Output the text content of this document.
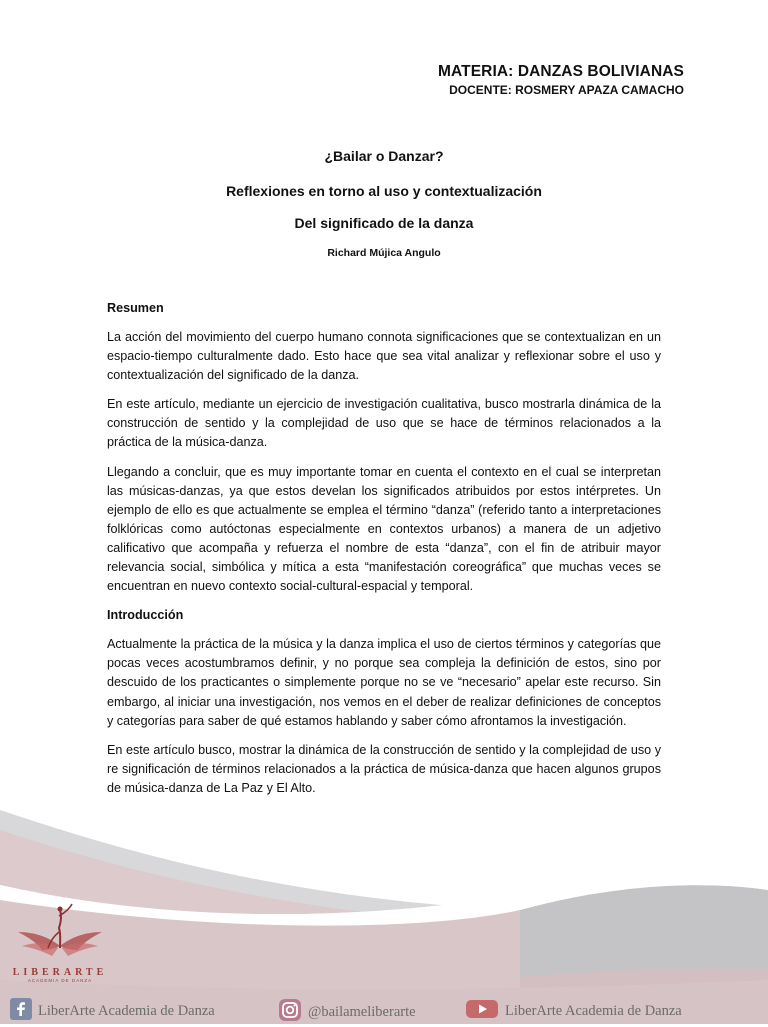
MATERIA: DANZAS BOLIVIANAS
DOCENTE: ROSMERY APAZA CAMACHO
¿Bailar o Danzar?
Reflexiones en torno al uso y contextualización
Del significado de la danza
Richard Mújica Angulo
Resumen

La acción del movimiento del cuerpo humano connota significaciones que se contextualizan en un espacio-tiempo culturalmente dado. Esto hace que sea vital analizar y reflexionar sobre el uso y contextualización del significado de la danza.

En este artículo, mediante un ejercicio de investigación cualitativa, busco mostrarla dinámica de la construcción de sentido y la complejidad de uso que se hace de términos relacionados a la práctica de la música-danza.

Llegando a concluir, que es muy importante tomar en cuenta el contexto en el cual se interpretan las músicas-danzas, ya que estos develan los significados atribuidos por estos intérpretes. Un ejemplo de ello es que actualmente se emplea el término “danza” (referido tanto a interpretaciones folklóricas como autóctonas especialmente en contextos urbanos) a manera de un adjetivo calificativo que acompaña y refuerza el nombre de esta “danza”, con el fin de atribuir mayor relevancia social, simbólica y mítica a esta “manifestación coreográfica” que muchas veces se encuentran en nuevo contexto social-cultural-espacial y temporal.

Introducción

Actualmente la práctica de la música y la danza implica el uso de ciertos términos y categorías que pocas veces acostumbramos definir, y no porque sea compleja la definición de estos, sino por descuido de los practicantes o simplemente porque no se ve “necesario” apelar este recurso. Sin embargo, al iniciar una investigación, nos vemos en el deber de realizar definiciones de conceptos y categorías para saber de qué estamos hablando y saber cómo afrontamos la investigación.

En este artículo busco, mostrar la dinámica de la construcción de sentido y la complejidad de uso y re significación de términos relacionados a la práctica de música-danza que hacen algunos grupos de música-danza de La Paz y El Alto.

LIBERARTE
ACADEMIA DE DANZA
LiberArte Academia de Danza	@bailameliberarte	LiberArte Academia de Danza
